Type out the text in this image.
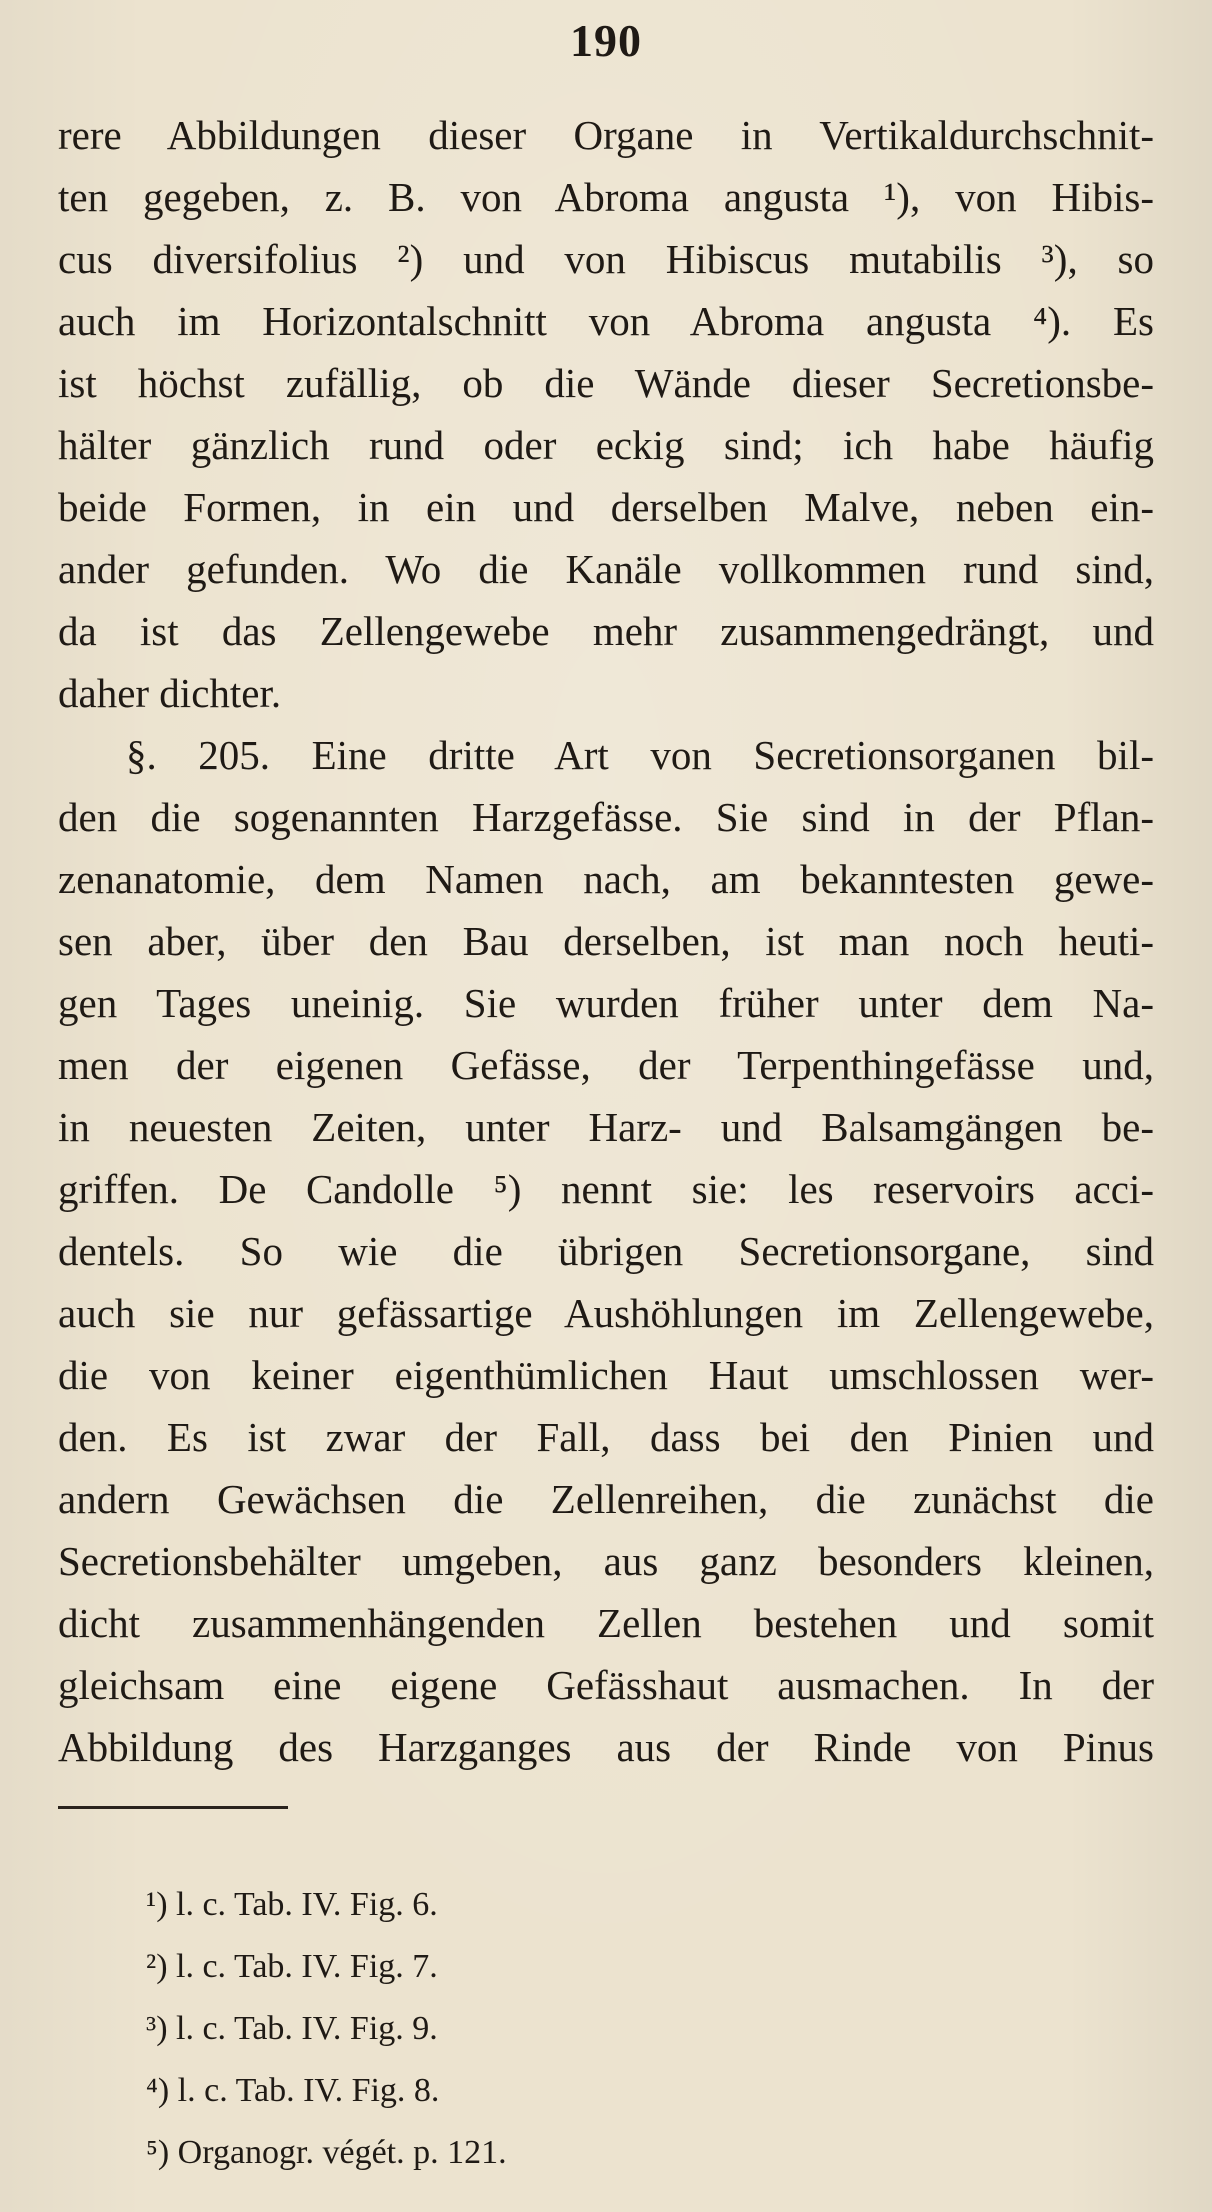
190
rere Abbildungen dieser Organe in Vertikaldurchschnit-
ten gegeben, z. B. von Abroma angusta ¹), von Hibis-
cus diversifolius ²) und von Hibiscus mutabilis ³), so
auch im Horizontalschnitt von Abroma angusta ⁴). Es
ist höchst zufällig, ob die Wände dieser Secretionsbe-
hälter gänzlich rund oder eckig sind; ich habe häufig
beide Formen, in ein und derselben Malve, neben ein-
ander gefunden. Wo die Kanäle vollkommen rund sind,
da ist das Zellengewebe mehr zusammengedrängt, und
daher dichter.
§. 205. Eine dritte Art von Secretionsorganen bil-
den die sogenannten Harzgefässe. Sie sind in der Pflan-
zenanatomie, dem Namen nach, am bekanntesten gewe-
sen aber, über den Bau derselben, ist man noch heuti-
gen Tages uneinig. Sie wurden früher unter dem Na-
men der eigenen Gefässe, der Terpenthingefässe und,
in neuesten Zeiten, unter Harz- und Balsamgängen be-
griffen. De Candolle ⁵) nennt sie: les reservoirs acci-
dentels. So wie die übrigen Secretionsorgane, sind
auch sie nur gefässartige Aushöhlungen im Zellengewebe,
die von keiner eigenthümlichen Haut umschlossen wer-
den. Es ist zwar der Fall, dass bei den Pinien und
andern Gewächsen die Zellenreihen, die zunächst die
Secretionsbehälter umgeben, aus ganz besonders kleinen,
dicht zusammenhängenden Zellen bestehen und somit
gleichsam eine eigene Gefässhaut ausmachen. In der
Abbildung des Harzganges aus der Rinde von Pinus
¹) l. c. Tab. IV. Fig. 6.
²) l. c. Tab. IV. Fig. 7.
³) l. c. Tab. IV. Fig. 9.
⁴) l. c. Tab. IV. Fig. 8.
⁵) Organogr. végét. p. 121.
